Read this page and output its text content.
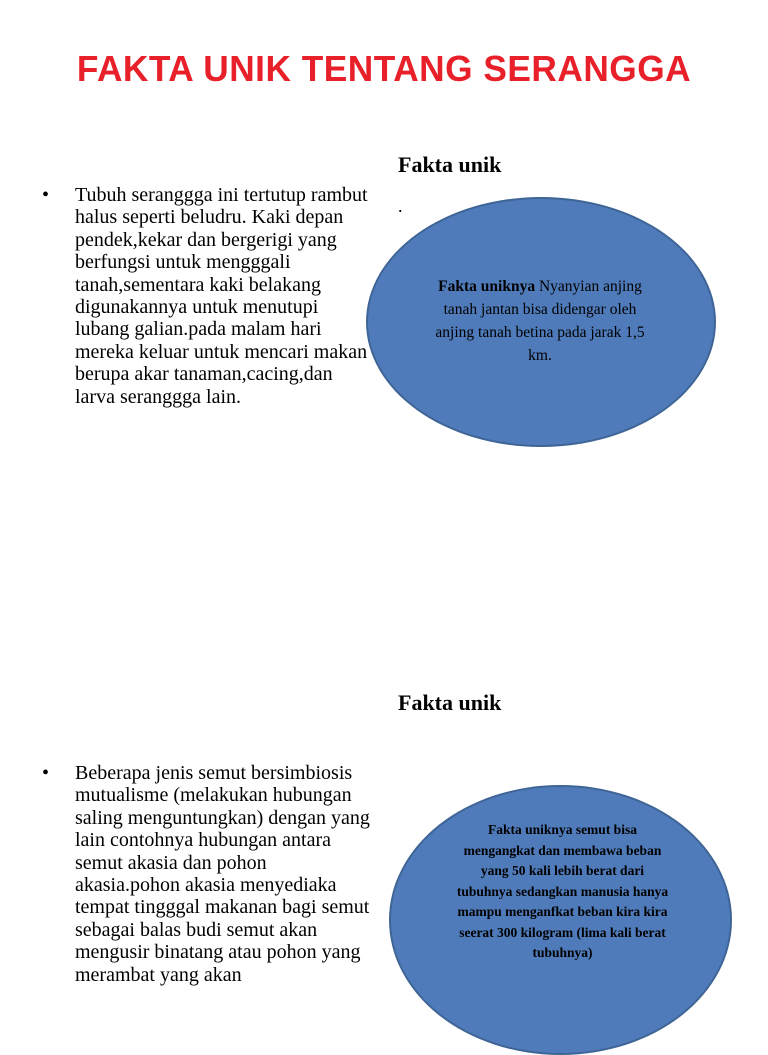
FAKTA UNIK TENTANG SERANGGA
Fakta unik
.
• Tubuh seranggga ini tertutup rambut halus seperti beludru. Kaki depan pendek,kekar dan bergerigi yang berfungsi untuk mengggali tanah,sementara kaki belakang digunakannya untuk menutupi lubang galian.pada malam hari mereka keluar untuk mencari makan berupa akar tanaman,cacing,dan larva seranggga lain.
Fakta uniknya Nyanyian anjing tanah jantan bisa didengar oleh anjing tanah betina pada jarak 1,5 km.
Fakta unik
• Beberapa jenis semut bersimbiosis mutualisme (melakukan hubungan saling menguntungkan) dengan yang lain contohnya hubungan antara semut akasia dan pohon akasia.pohon akasia menyediaka tempat tingggal makanan bagi semut sebagai balas budi semut akan mengusir binatang atau pohon yang merambat yang akan
Fakta uniknya semut bisa mengangkat dan membawa beban yang 50 kali lebih berat dari tubuhnya sedangkan manusia hanya mampu menganfkat beban kira kira seerat 300 kilogram (lima kali berat tubuhnya)
